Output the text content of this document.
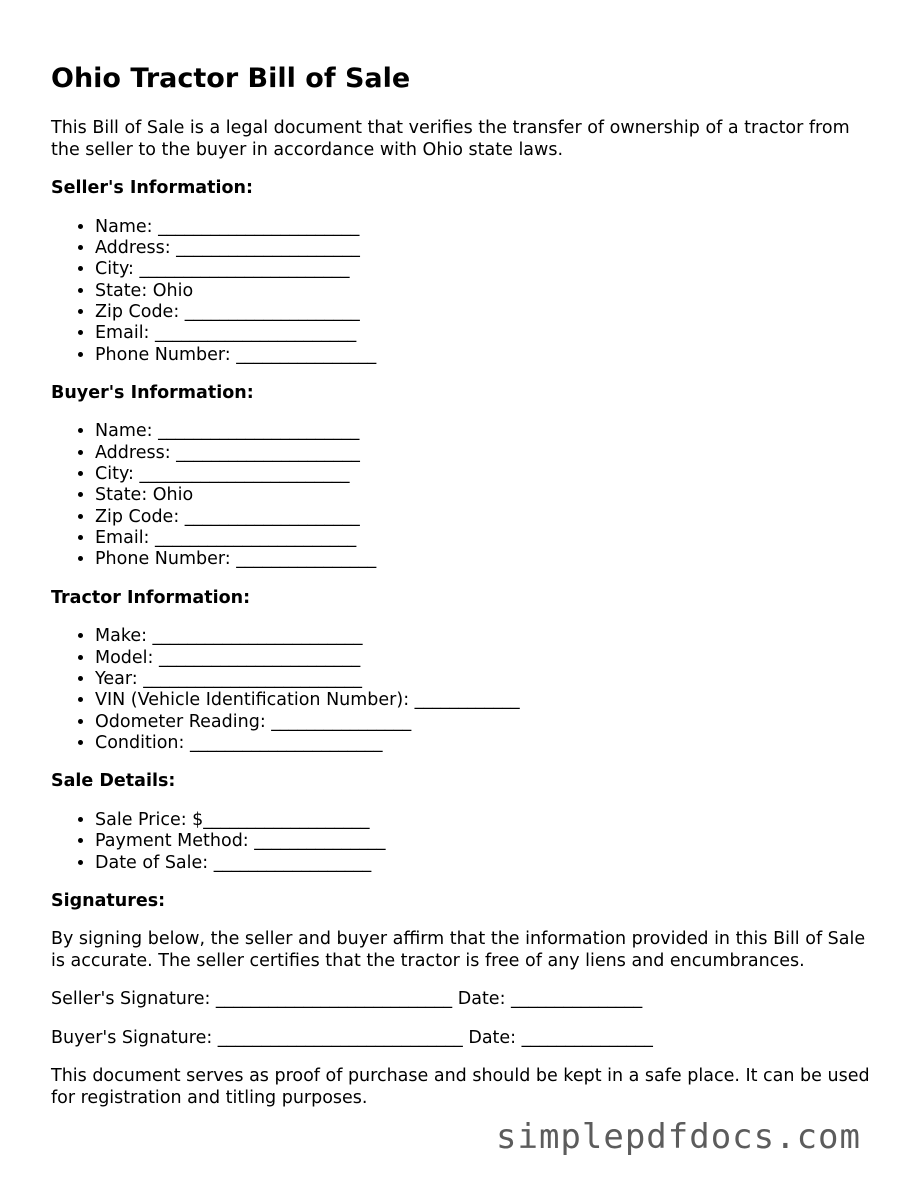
Ohio Tractor Bill of Sale

This Bill of Sale is a legal document that verifies the transfer of ownership of a tractor from the seller to the buyer in accordance with Ohio state laws.

Seller's Information:
• Name: _______________________
• Address: _____________________
• City: ________________________
• State: Ohio
• Zip Code: ____________________
• Email: _______________________
• Phone Number: ________________
Buyer's Information:
• Name: _______________________
• Address: _____________________
• City: ________________________
• State: Ohio
• Zip Code: ____________________
• Email: _______________________
• Phone Number: ________________
Tractor Information:
• Make: ________________________
• Model: _______________________
• Year: _________________________
• VIN (Vehicle Identification Number): ____________
• Odometer Reading: ________________
• Condition: ______________________
Sale Details:
• Sale Price: $___________________
• Payment Method: _______________
• Date of Sale: __________________
Signatures:

By signing below, the seller and buyer affirm that the information provided in this Bill of Sale is accurate. The seller certifies that the tractor is free of any liens and encumbrances.

Seller's Signature: ___________________________ Date: _______________

Buyer's Signature: ____________________________ Date: _______________

This document serves as proof of purchase and should be kept in a safe place. It can be used for registration and titling purposes.

simplepdfdocs.com
